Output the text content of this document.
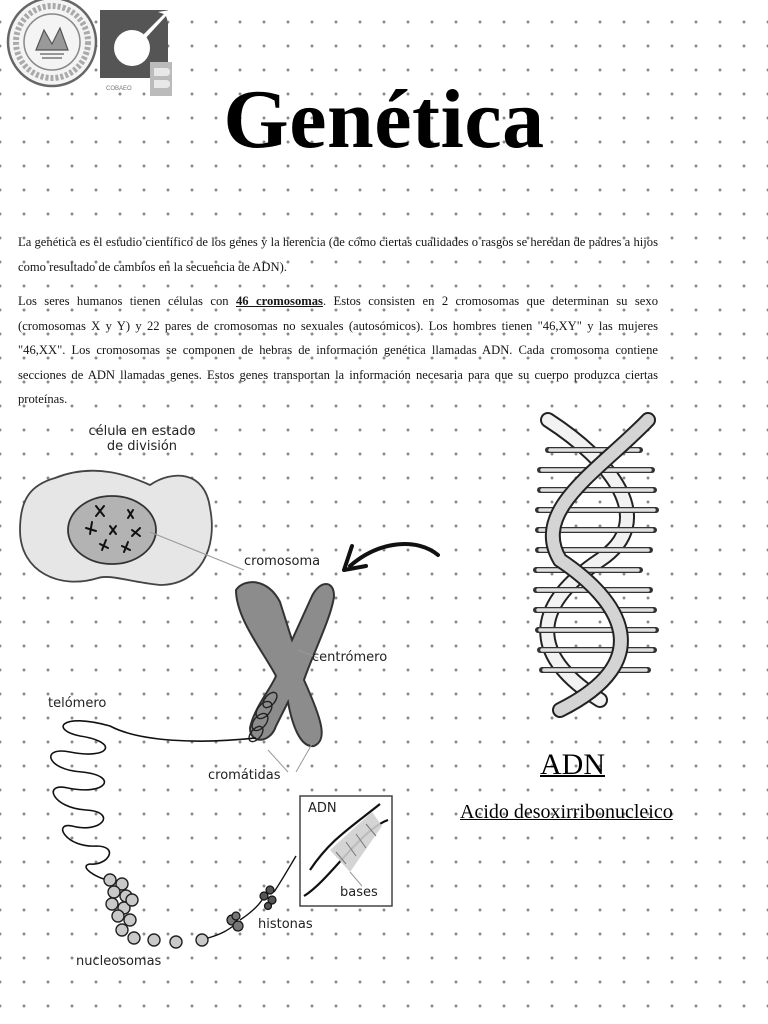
COBAEO	Genética
La genética es el estudio científico de los genes y la herencia (de cómo ciertas cualidades o rasgos se heredan de padres a hijos como resultado de cambios en la secuencia de ADN).
Los seres humanos tienen células con 46 cromosomas. Estos consisten en 2 cromosomas que determinan su sexo (cromosomas X y Y) y 22 pares de cromosomas no sexuales (autosómicos). Los hombres tienen "46,XY" y las mujeres "46,XX". Los cromosomas se componen de hebras de información genética llamadas ADN. Cada cromosoma contiene secciones de ADN llamadas genes. Estos genes transportan la información necesaria para que su cuerpo produzca ciertas proteínas.
célula en estado
de división
cromosoma
centrómero
telómero
cromátidas
ADN
bases
histonas
nucleosomas
ADN
Acido desoxirribonucleico
